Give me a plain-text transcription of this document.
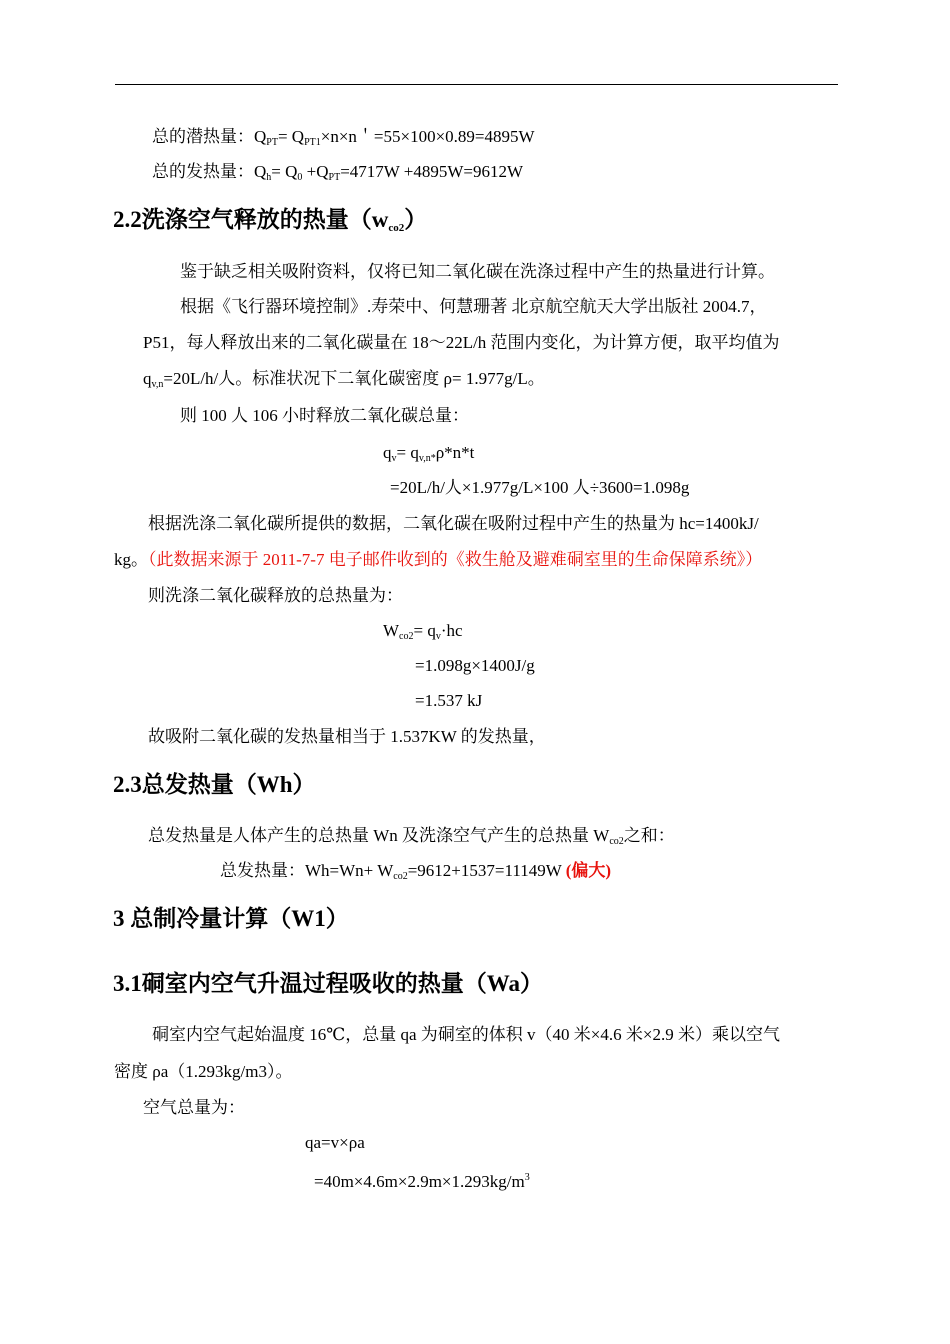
总的潜热量：$Q_{PT}= Q_{PT1}\times n\times n$＇=55×100×0.89=4895W
总的发热量：$Q_h= Q_0 +Q_{PT}=4717W +4895W=9612W$
2.2洗涤空气释放的热量（wco2）
鉴于缺乏相关吸附资料，仅将已知二氧化碳在洗涤过程中产生的热量进行计算。
根据《飞行器环境控制》.寿荣中、何慧珊著 北京航空航天大学出版社 2004.7，
P51，每人释放出来的二氧化碳量在 18～22L/h 范围内变化，为计算方便，取平均值为
$q_{v,n}=20L/h/$人。标准状况下二氧化碳密度 ρ= 1.977g/L。
则 100 人 106 小时释放二氧化碳总量：
$q_v= q_{v,n*}\rho*n*t$
=20L/h/人×1.977g/L×100 人÷3600=1.098g
根据洗涤二氧化碳所提供的数据，二氧化碳在吸附过程中产生的热量为 hc=1400kJ/
kg。（此数据来源于 2011-7-7 电子邮件收到的《救生舱及避难硐室里的生命保障系统》）
则洗涤二氧化碳释放的总热量为：
$W_{co2}= q_v\cdot hc$
=1.098g×1400J/g
=1.537 kJ
故吸附二氧化碳的发热量相当于 1.537KW 的发热量，
2.3总发热量（Wh）
总发热量是人体产生的总热量 Wn 及洗涤空气产生的总热量 $W_{co2}$之和：
总发热量：$Wh=Wn+ W_{co2}=9612+1537=11149W$ (偏大)
3 总制冷量计算（W1）
3.1硐室内空气升温过程吸收的热量（Wa）
硐室内空气起始温度 16℃，总量 qa 为硐室的体积 v（40 米×4.6 米×2.9 米）乘以空气
密度 ρa（1.293kg/m3）。
空气总量为：
qa=v×ρa
$=40m\times 4.6m\times 2.9m\times 1.293kg/m^3$
